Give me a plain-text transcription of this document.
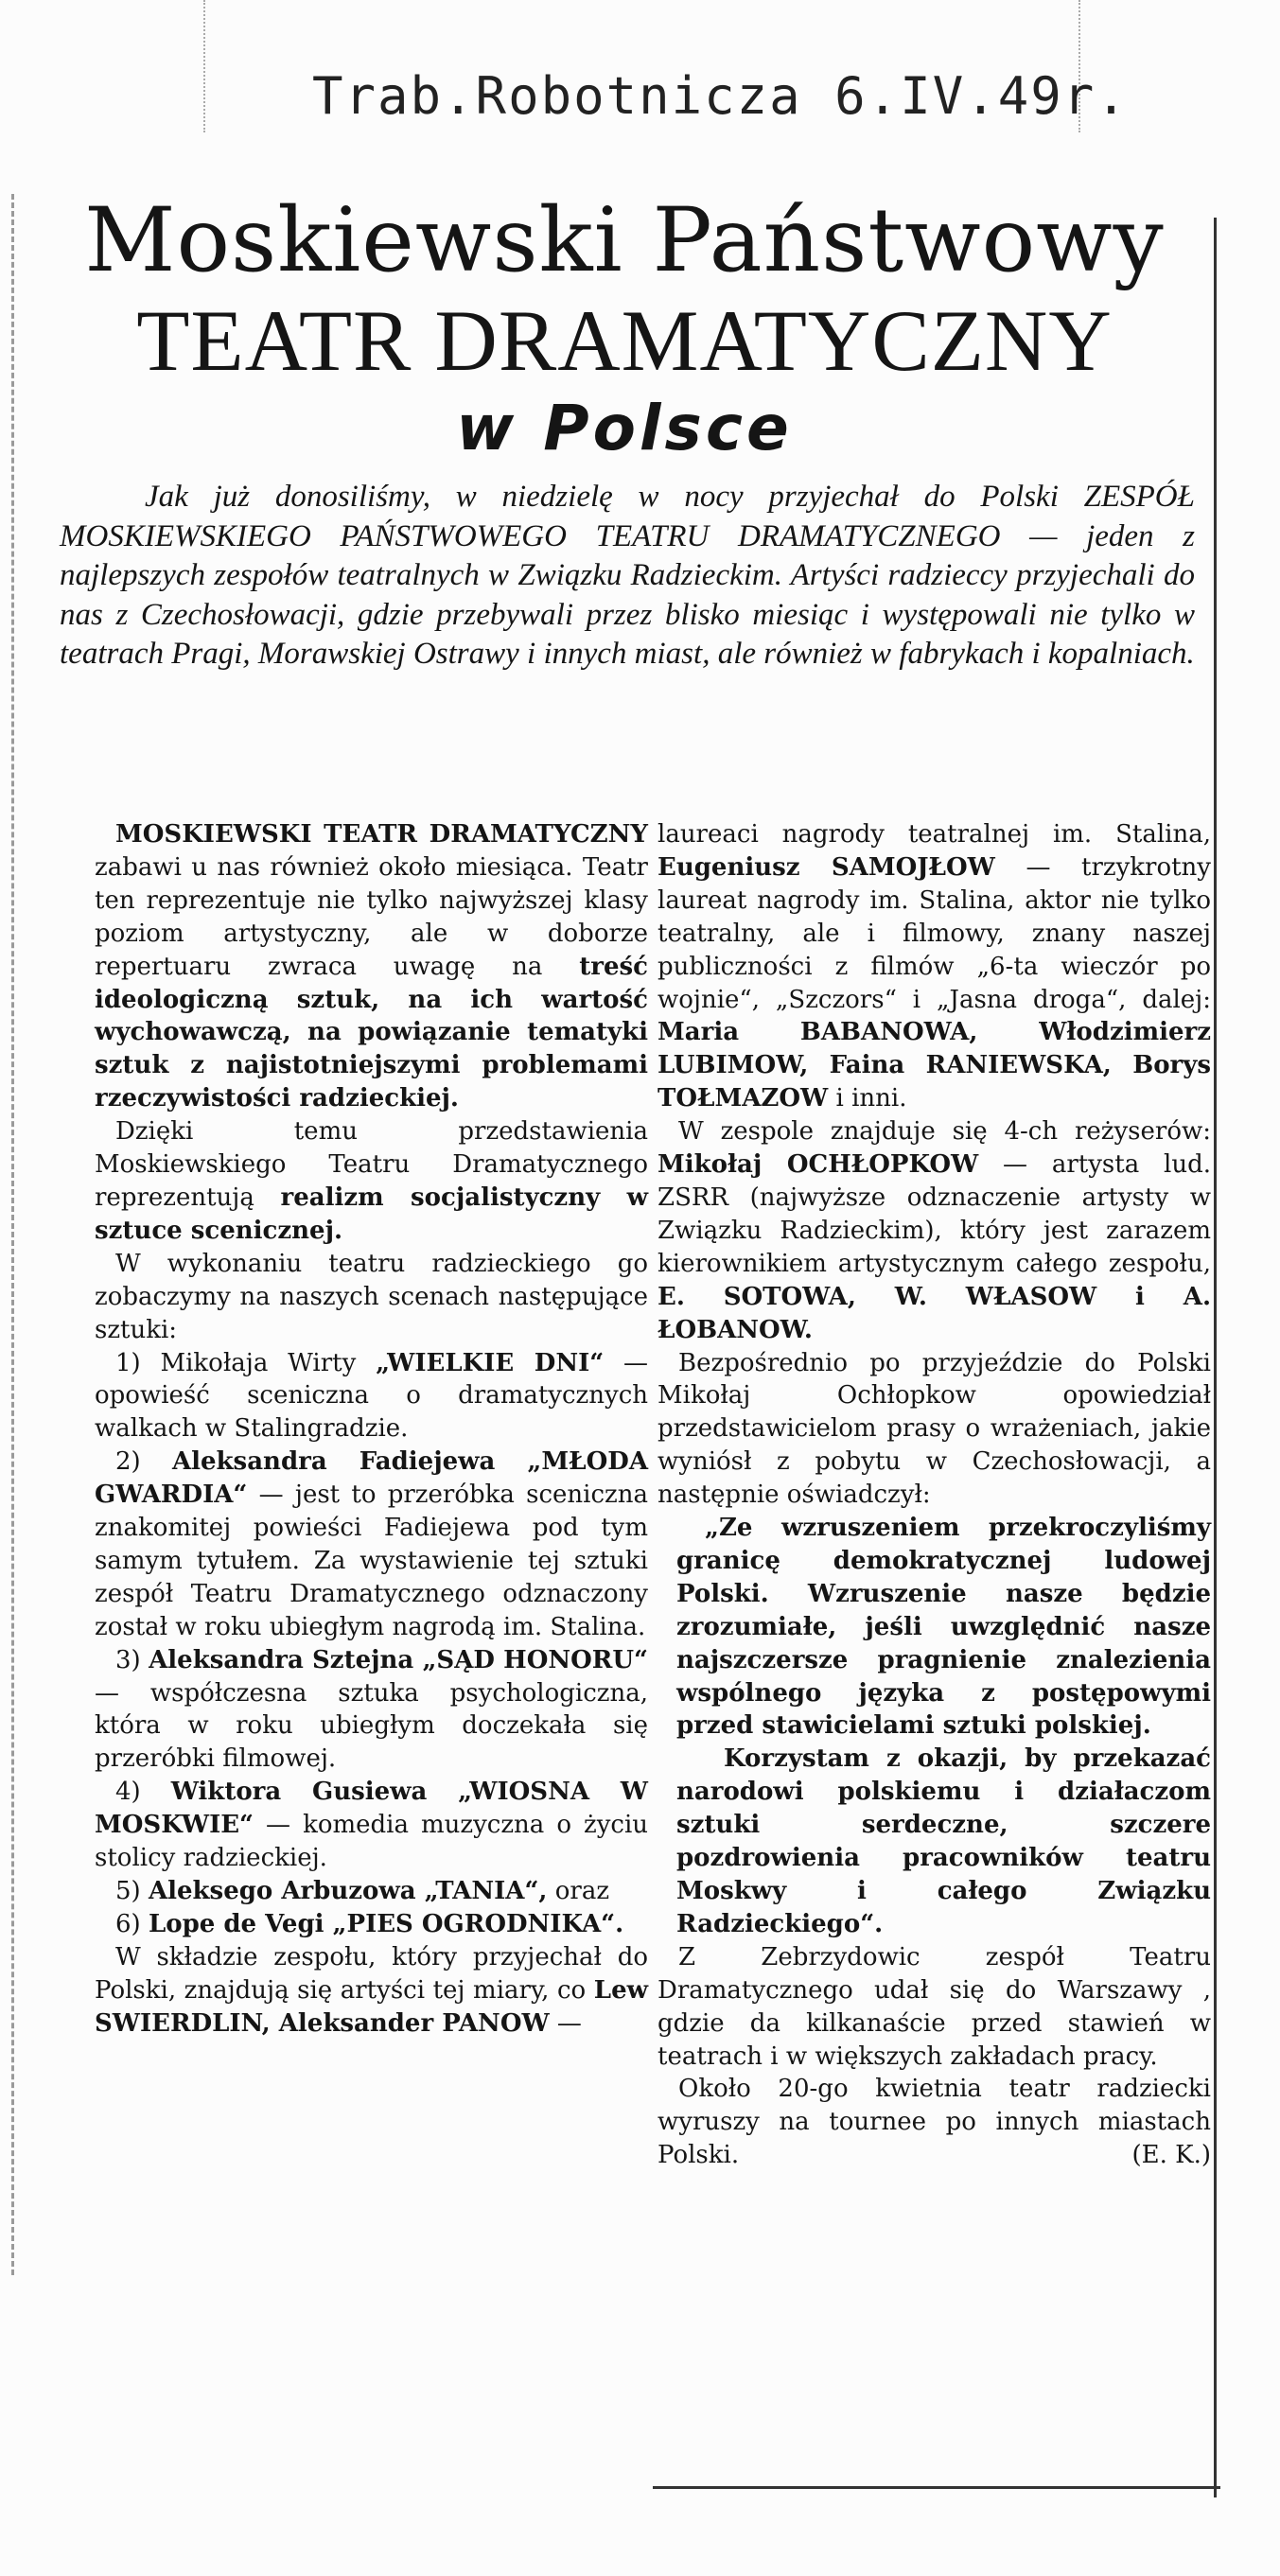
Trab.Robotnicza 6.IV.49r.
Moskiewski Państwowy
TEATR DRAMATYCZNY
w Polsce

Jak już donosiliśmy, w niedzielę w nocy przyjechał do Polski ZESPÓŁ MOSKIEWSKIEGO PAŃSTWOWEGO TEATRU DRAMATYCZNEGO — jeden z najlepszych zespołów teatralnych w Związku Radzieckim. Artyści radzieccy przyjechali do nas z Czechosłowacji, gdzie przebywali przez blisko miesiąc i występowali nie tylko w teatrach Pragi, Morawskiej Ostrawy i innych miast, ale również w fabrykach i kopalniach.

MOSKIEWSKI TEATR DRAMATYCZNY zabawi u nas również około miesiąca. Teatr ten reprezentuje nie tylko najwyższej klasy poziom artystyczny, ale w doborze repertuaru zwraca uwagę na treść ideologiczną sztuk, na ich wartość wychowawczą, na powiązanie tematyki sztuk z najistotniejszymi problemami rzeczywistości radzieckiej.

Dzięki temu przedstawienia Moskiewskiego Teatru Dramatycznego reprezentują realizm socjalistyczny w sztuce scenicznej.

W wykonaniu teatru radzieckiego go zobaczymy na naszych scenach następujące sztuki:

1) Mikołaja Wirty „WIELKIE DNI“ — opowieść sceniczna o dramatycznych walkach w Stalingradzie.

2) Aleksandra Fadiejewa „MŁODA GWARDIA“ — jest to przeróbka sceniczna znakomitej powieści Fadiejewa pod tym samym tytułem. Za wystawienie tej sztuki zespół Teatru Dramatycznego odznaczony został w roku ubiegłym nagrodą im. Stalina.

3) Aleksandra Sztejna „SĄD HONORU“ — współczesna sztuka psychologiczna, która w roku ubiegłym doczekała się przeróbki filmowej.

4) Wiktora Gusiewa „WIOSNA W MOSKWIE“ — komedia muzyczna o życiu stolicy radzieckiej.

5) Aleksego Arbuzowa „TANIA“, oraz

6) Lope de Vegi „PIES OGRODNIKA“.

W składzie zespołu, który przyjechał do Polski, znajdują się artyści tej miary, co Lew SWIERDLIN, Aleksander PANOW —

laureaci nagrody teatralnej im. Stalina, Eugeniusz SAMOJŁOW — trzykrotny laureat nagrody im. Stalina, aktor nie tylko teatralny, ale i filmowy, znany naszej publiczności z filmów „6-ta wieczór po wojnie“, „Szczors“ i „Jasna droga“, dalej: Maria BABANOWA, Włodzimierz LUBIMOW, Faina RANIEWSKA, Borys TOŁMAZOW i inni.

W zespole znajduje się 4-ch reżyserów: Mikołaj OCHŁOPKOW — artysta lud. ZSRR (najwyższe odznaczenie artysty w Związku Radzieckim), który jest zarazem kierownikiem artystycznym całego zespołu, E. SOTOWA, W. WŁASOW i A. ŁOBANOW.

Bezpośrednio po przyjeździe do Polski Mikołaj Ochłopkow opowiedział przedstawicielom prasy o wrażeniach, jakie wyniósł z pobytu w Czechosłowacji, a następnie oświadczył:

„Ze wzruszeniem przekroczyliśmy granicę demokratycznej ludowej Polski. Wzruszenie nasze będzie zrozumiałe, jeśli uwzględnić nasze najszczersze pragnienie znalezienia wspólnego języka z postępowymi przed stawicielami sztuki polskiej.

Korzystam z okazji, by przekazać narodowi polskiemu i działaczom sztuki serdeczne, szczere pozdrowienia pracowników teatru Moskwy i całego Związku Radzieckiego“.

Z Zebrzydowic zespół Teatru Dramatycznego udał się do Warszawy , gdzie da kilkanaście przed stawień w teatrach i w większych zakładach pracy.

Około 20-go kwietnia teatr radziecki wyruszy na tournee po innych miastach Polski.	(E. K.)
